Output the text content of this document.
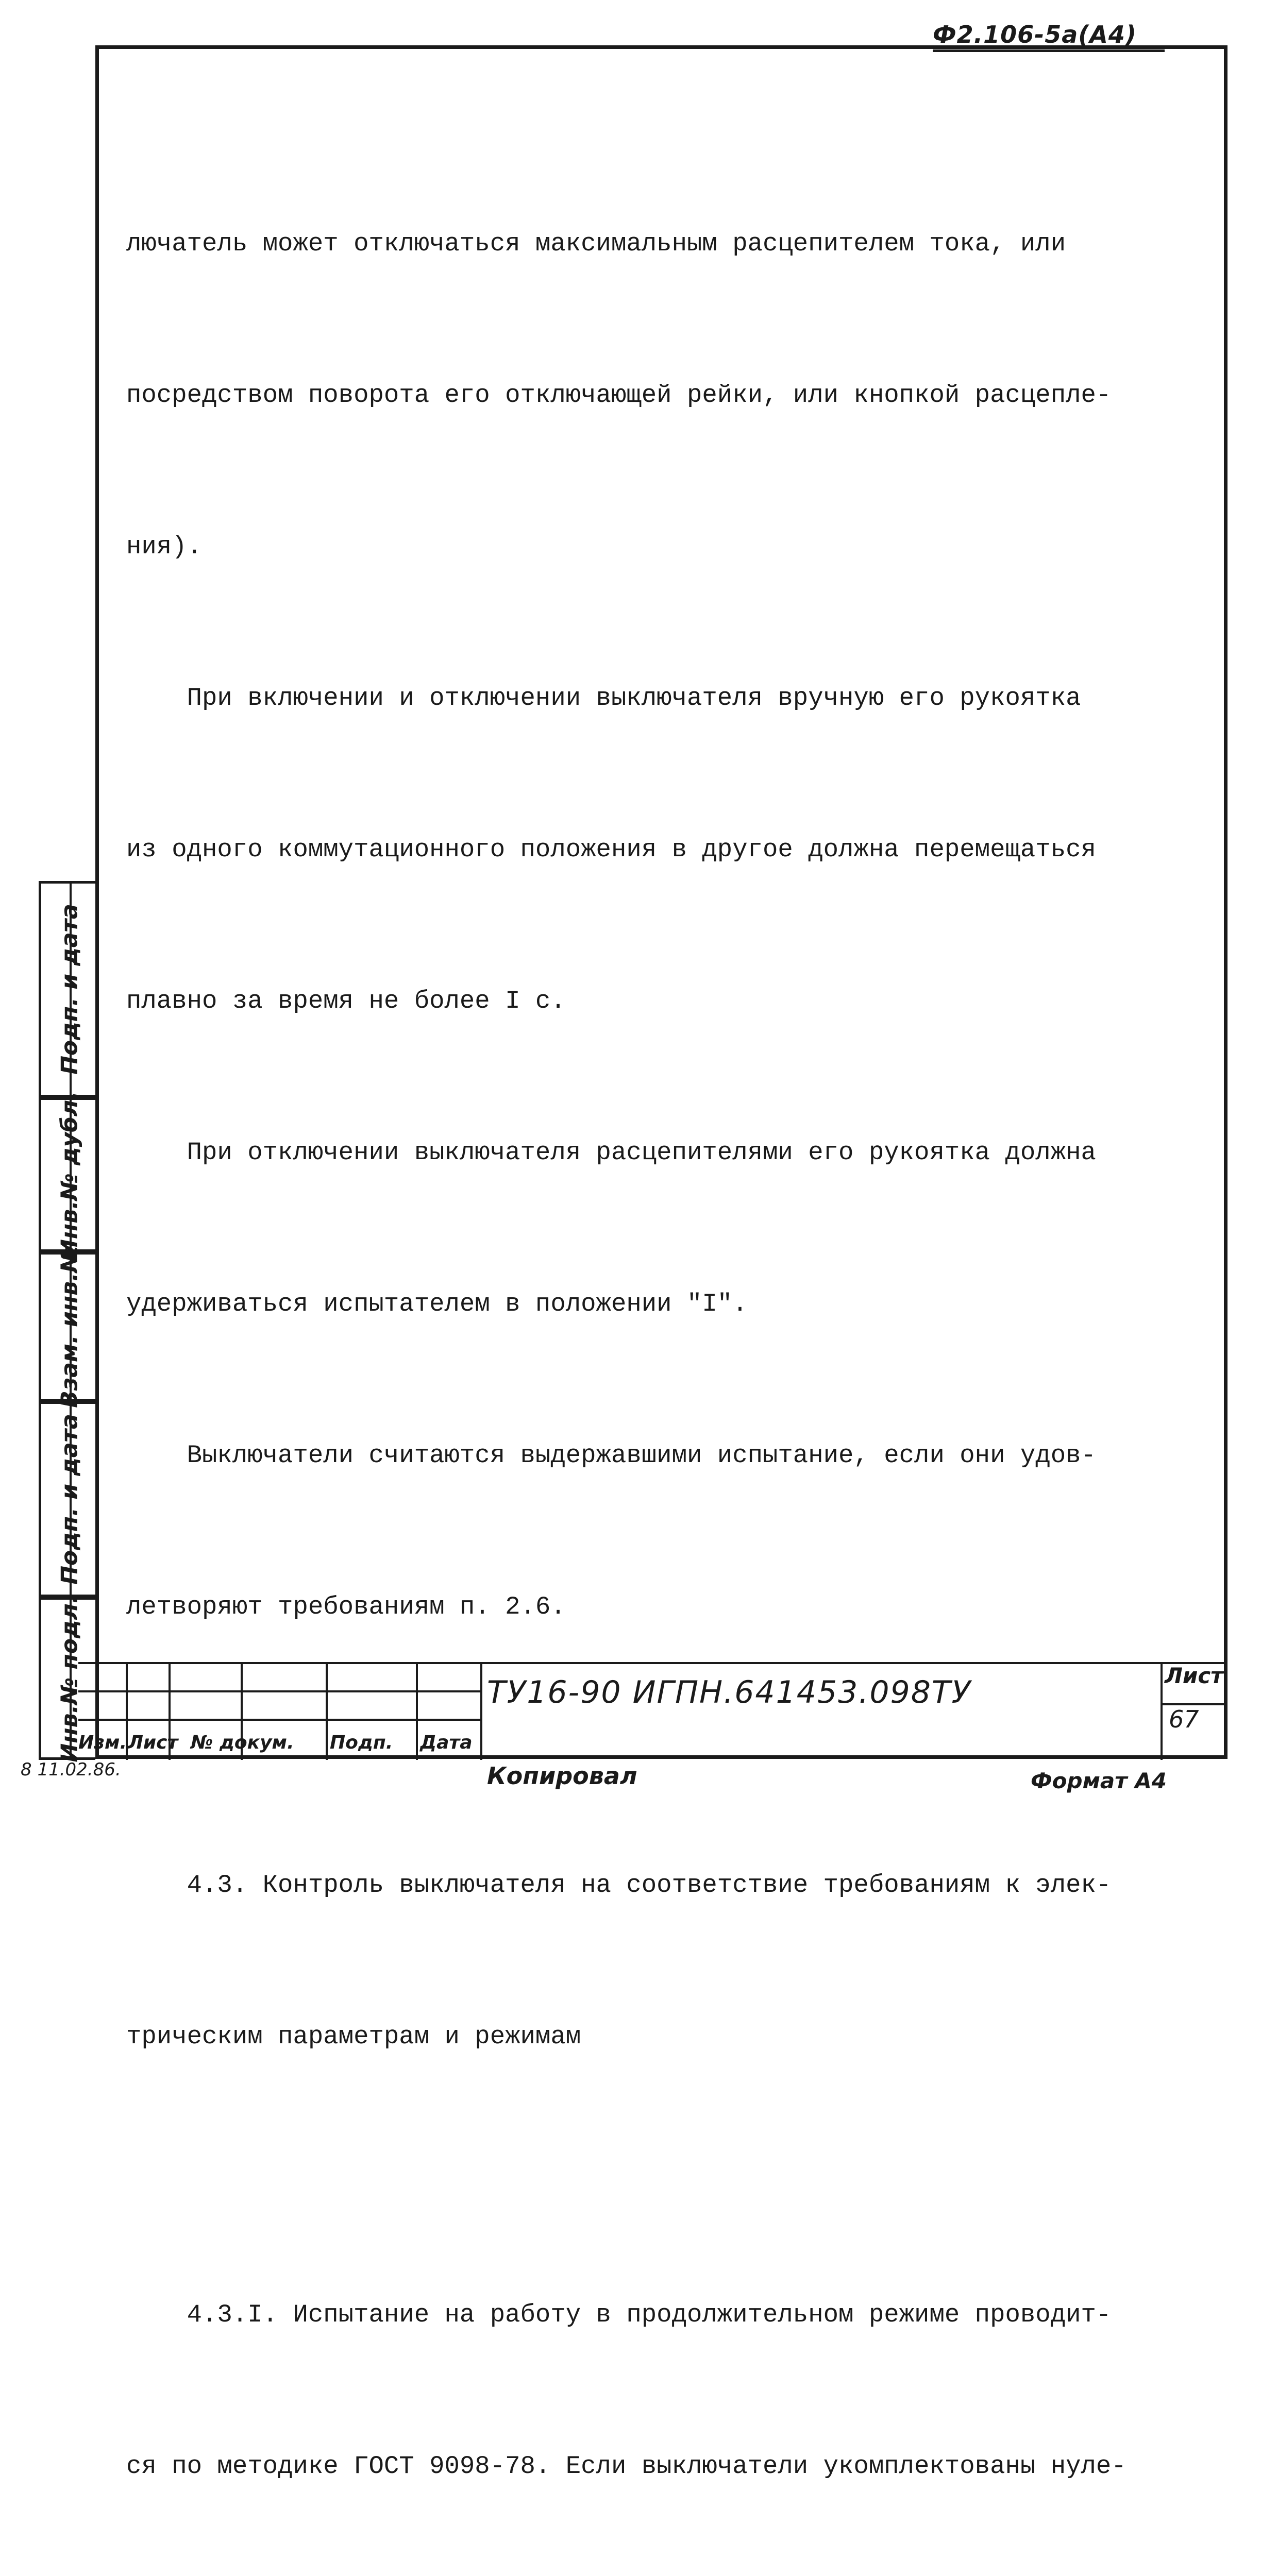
Ф2.106-5а(А4)

лючатель может отключаться максимальным расцепителем тока, или

посредством поворота его отключающей рейки, или кнопкой расцепле-

ния).

При включении и отключении выключателя вручную его рукоятка

из одного коммутационного положения в другое должна перемещаться

плавно за время не более I с.

При отключении выключателя расцепителями его рукоятка должна

удерживаться испытателем в положении "I".

Выключатели считаются выдержавшими испытание, если они удов-

летворяют требованиям п. 2.6.

4.3. Контроль выключателя на соответствие требованиям к элек-

трическим параметрам и режимам

4.3.I. Испытание на работу в продолжительном режиме проводит-

ся по методике ГОСТ 9098-78. Если выключатели укомплектованы нуле-

Подп. и дата
Инв.№ дубл.
Взам. инв.№
Подп. и дата
Инв.№ подл.	ТУ16-90 ИГПН.641453.098ТУ
Изм. Лист № докум. Подп. Дата
Лист
67
8 11.02.86.	Копировал	Формат А4
